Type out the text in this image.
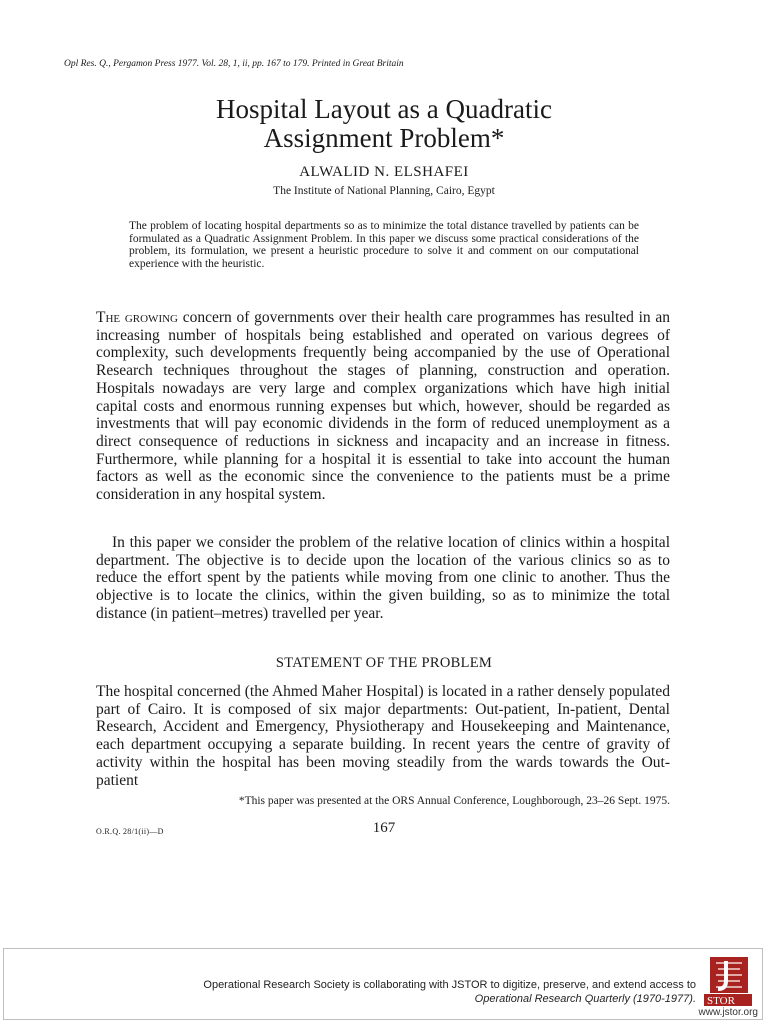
Opl Res. Q., Pergamon Press 1977. Vol. 28, 1, ii, pp. 167 to 179. Printed in Great Britain
Hospital Layout as a Quadratic
Assignment Problem*
ALWALID N. ELSHAFEI
The Institute of National Planning, Cairo, Egypt
The problem of locating hospital departments so as to minimize the total distance travelled by patients can be formulated as a Quadratic Assignment Problem. In this paper we discuss some practical considerations of the problem, its formulation, we present a heuristic procedure to solve it and comment on our computational experience with the heuristic.

The growing concern of governments over their health care programmes has resulted in an increasing number of hospitals being established and operated on various degrees of complexity, such developments frequently being accompanied by the use of Operational Research techniques throughout the stages of planning, construction and operation. Hospitals nowadays are very large and complex organizations which have high initial capital costs and enormous running expenses but which, however, should be regarded as investments that will pay economic dividends in the form of reduced unemployment as a direct consequence of reductions in sickness and incapacity and an increase in fitness. Furthermore, while planning for a hospital it is essential to take into account the human factors as well as the economic since the convenience to the patients must be a prime consideration in any hospital system.

In this paper we consider the problem of the relative location of clinics within a hospital department. The objective is to decide upon the location of the various clinics so as to reduce the effort spent by the patients while moving from one clinic to another. Thus the objective is to locate the clinics, within the given building, so as to minimize the total distance (in patient–metres) travelled per year.

STATEMENT OF THE PROBLEM

The hospital concerned (the Ahmed Maher Hospital) is located in a rather densely populated part of Cairo. It is composed of six major departments: Out-patient, In-patient, Dental Research, Accident and Emergency, Physiotherapy and Housekeeping and Maintenance, each department occupying a separate building. In recent years the centre of gravity of activity within the hospital has been moving steadily from the wards towards the Out-patient

*This paper was presented at the ORS Annual Conference, Loughborough, 23–26 Sept. 1975.
O.R.Q. 28/1(ii)—D	167
Operational Research Society is collaborating with JSTOR to digitize, preserve, and extend access to
Operational Research Quarterly (1970-1977). STOR
www.jstor.org
